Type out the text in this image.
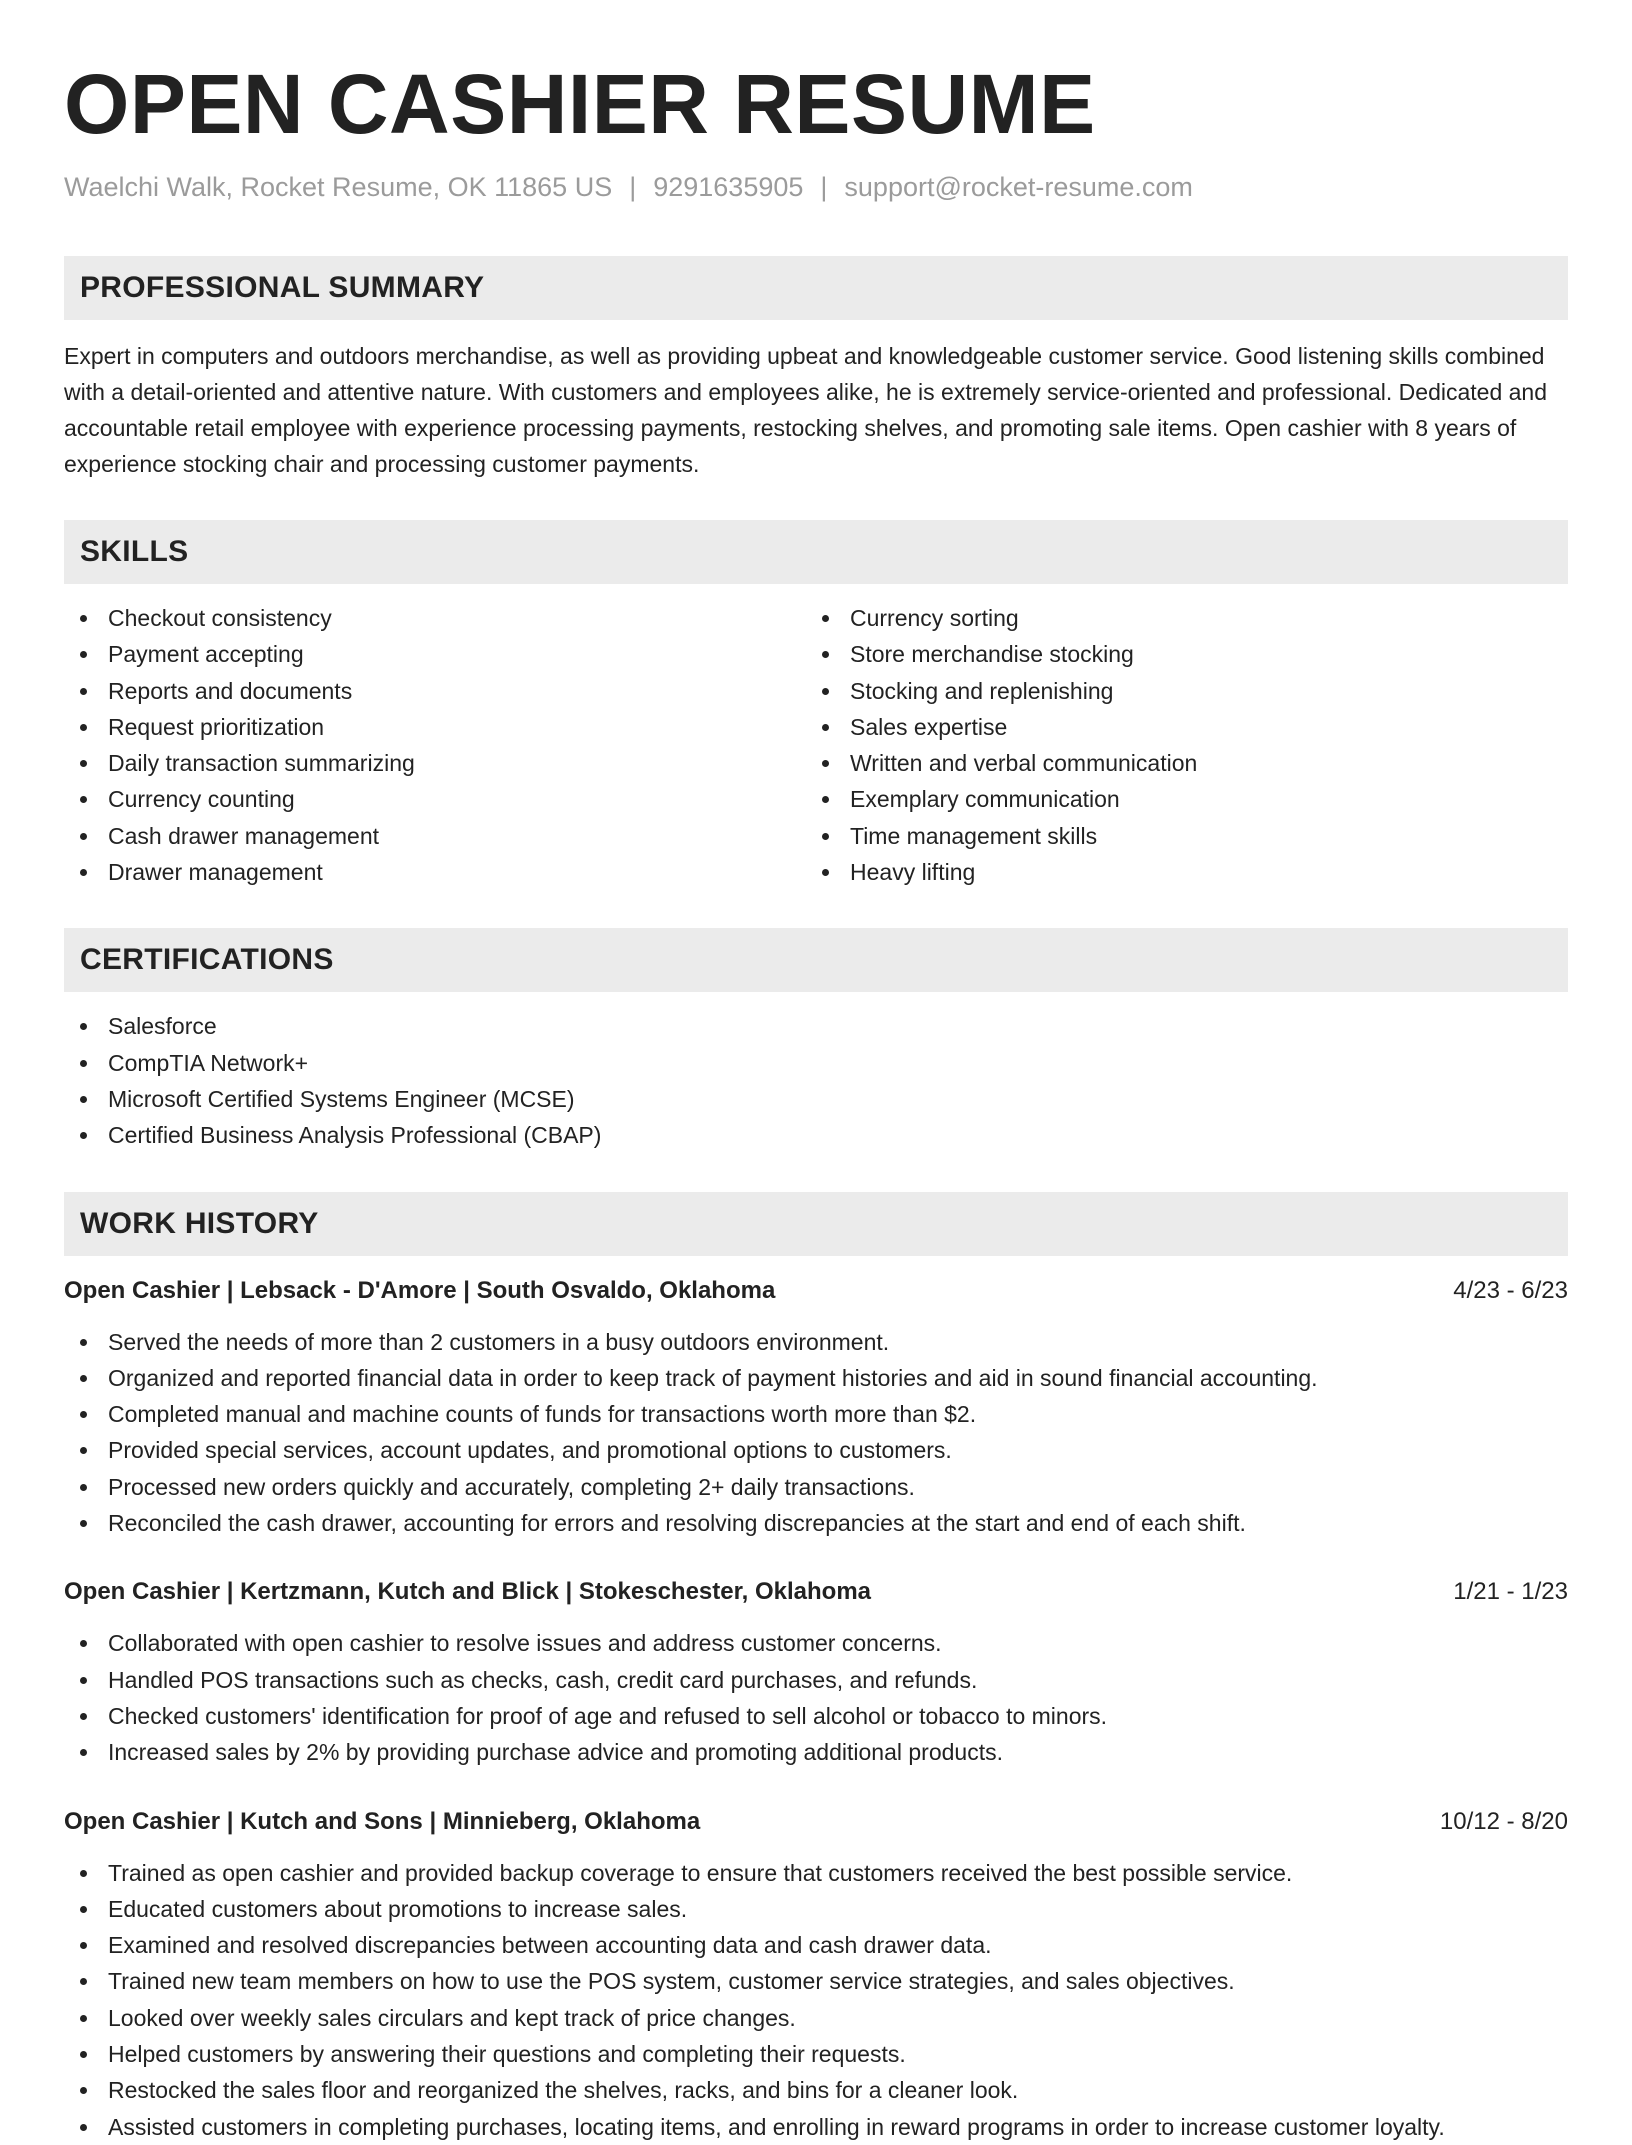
OPEN CASHIER RESUME
Waelchi Walk, Rocket Resume, OK 11865 US | 9291635905 | support@rocket-resume.com
PROFESSIONAL SUMMARY
Expert in computers and outdoors merchandise, as well as providing upbeat and knowledgeable customer service. Good listening skills combined with a detail-oriented and attentive nature. With customers and employees alike, he is extremely service-oriented and professional. Dedicated and accountable retail employee with experience processing payments, restocking shelves, and promoting sale items. Open cashier with 8 years of experience stocking chair and processing customer payments.
SKILLS
Checkout consistency
Payment accepting
Reports and documents
Request prioritization
Daily transaction summarizing
Currency counting
Cash drawer management
Drawer management
Currency sorting
Store merchandise stocking
Stocking and replenishing
Sales expertise
Written and verbal communication
Exemplary communication
Time management skills
Heavy lifting
CERTIFICATIONS
Salesforce
CompTIA Network+
Microsoft Certified Systems Engineer (MCSE)
Certified Business Analysis Professional (CBAP)
WORK HISTORY
Open Cashier | Lebsack - D'Amore | South Osvaldo, Oklahoma	4/23 - 6/23
Served the needs of more than 2 customers in a busy outdoors environment.
Organized and reported financial data in order to keep track of payment histories and aid in sound financial accounting.
Completed manual and machine counts of funds for transactions worth more than $2.
Provided special services, account updates, and promotional options to customers.
Processed new orders quickly and accurately, completing 2+ daily transactions.
Reconciled the cash drawer, accounting for errors and resolving discrepancies at the start and end of each shift.
Open Cashier | Kertzmann, Kutch and Blick | Stokeschester, Oklahoma	1/21 - 1/23
Collaborated with open cashier to resolve issues and address customer concerns.
Handled POS transactions such as checks, cash, credit card purchases, and refunds.
Checked customers' identification for proof of age and refused to sell alcohol or tobacco to minors.
Increased sales by 2% by providing purchase advice and promoting additional products.
Open Cashier | Kutch and Sons | Minnieberg, Oklahoma	10/12 - 8/20
Trained as open cashier and provided backup coverage to ensure that customers received the best possible service.
Educated customers about promotions to increase sales.
Examined and resolved discrepancies between accounting data and cash drawer data.
Trained new team members on how to use the POS system, customer service strategies, and sales objectives.
Looked over weekly sales circulars and kept track of price changes.
Helped customers by answering their questions and completing their requests.
Restocked the sales floor and reorganized the shelves, racks, and bins for a cleaner look.
Assisted customers in completing purchases, locating items, and enrolling in reward programs in order to increase customer loyalty.
